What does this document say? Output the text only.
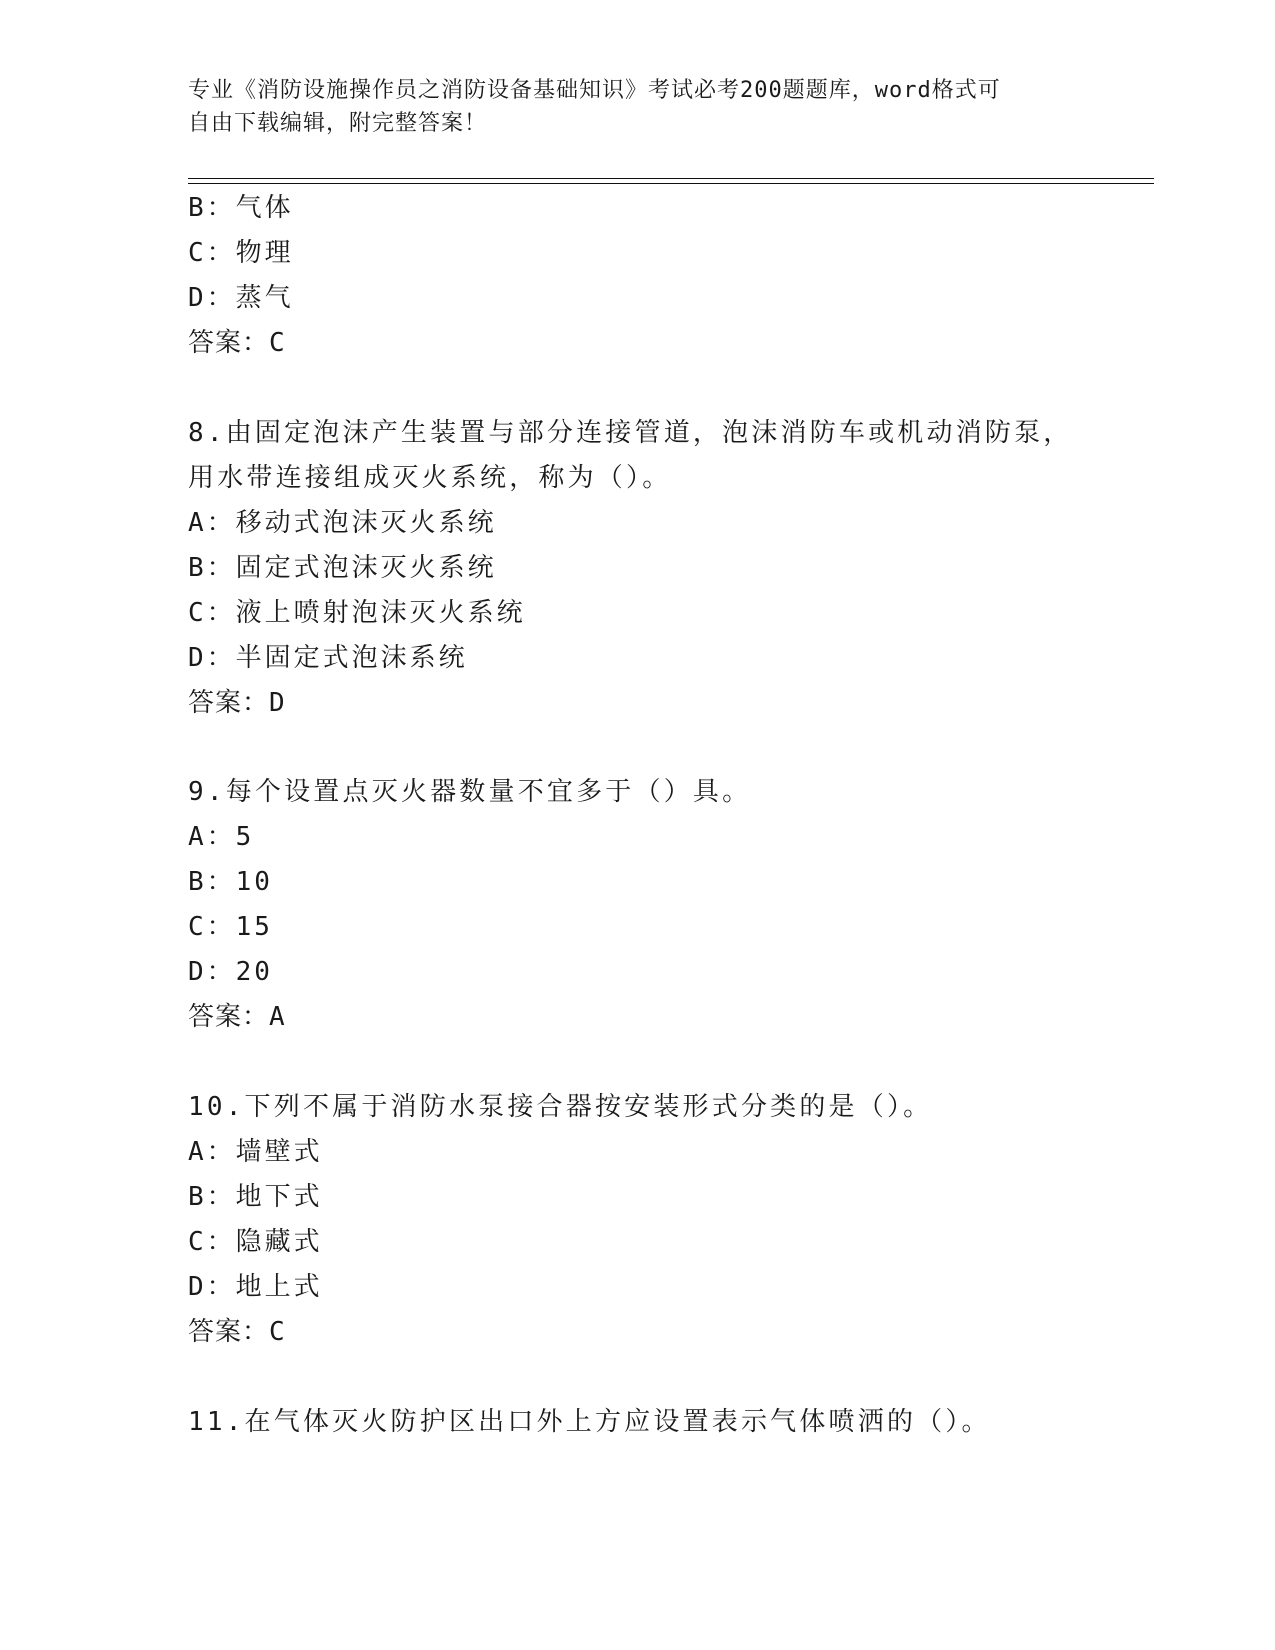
专业《消防设施操作员之消防设备基础知识》考试必考200题题库，word格式可
自由下载编辑，附完整答案！
B：气体
C：物理
D：蒸气
答案：C
8.由固定泡沫产生装置与部分连接管道，泡沫消防车或机动消防泵，
用水带连接组成灭火系统，称为（）。
A：移动式泡沫灭火系统
B：固定式泡沫灭火系统
C：液上喷射泡沫灭火系统
D：半固定式泡沫系统
答案：D
9.每个设置点灭火器数量不宜多于（）具。
A：5
B：10
C：15
D：20
答案：A
10.下列不属于消防水泵接合器按安装形式分类的是（）。
A：墙壁式
B：地下式
C：隐藏式
D：地上式
答案：C
11.在气体灭火防护区出口外上方应设置表示气体喷洒的（）。
